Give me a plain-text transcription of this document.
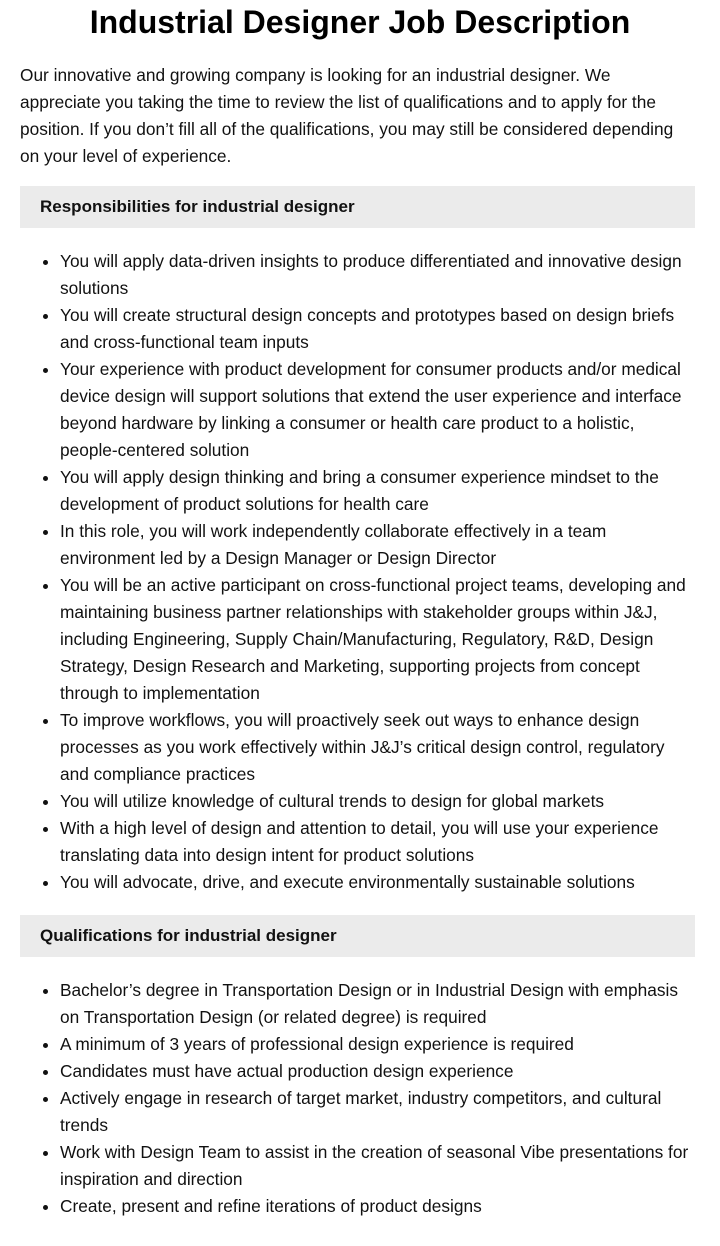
Industrial Designer Job Description

Our innovative and growing company is looking for an industrial designer. We appreciate you taking the time to review the list of qualifications and to apply for the position. If you don’t fill all of the qualifications, you may still be considered depending on your level of experience.

Responsibilities for industrial designer
• You will apply data-driven insights to produce differentiated and innovative design solutions
• You will create structural design concepts and prototypes based on design briefs and cross-functional team inputs
• Your experience with product development for consumer products and/or medical device design will support solutions that extend the user experience and interface beyond hardware by linking a consumer or health care product to a holistic, people-centered solution
• You will apply design thinking and bring a consumer experience mindset to the development of product solutions for health care
• In this role, you will work independently collaborate effectively in a team environment led by a Design Manager or Design Director
• You will be an active participant on cross-functional project teams, developing and maintaining business partner relationships with stakeholder groups within J&J, including Engineering, Supply Chain/Manufacturing, Regulatory, R&D, Design Strategy, Design Research and Marketing, supporting projects from concept through to implementation
• To improve workflows, you will proactively seek out ways to enhance design processes as you work effectively within J&J’s critical design control, regulatory and compliance practices
• You will utilize knowledge of cultural trends to design for global markets
• With a high level of design and attention to detail, you will use your experience translating data into design intent for product solutions
• You will advocate, drive, and execute environmentally sustainable solutions
Qualifications for industrial designer
• Bachelor’s degree in Transportation Design or in Industrial Design with emphasis on Transportation Design (or related degree) is required
• A minimum of 3 years of professional design experience is required
• Candidates must have actual production design experience
• Actively engage in research of target market, industry competitors, and cultural trends
• Work with Design Team to assist in the creation of seasonal Vibe presentations for inspiration and direction
• Create, present and refine iterations of product designs
